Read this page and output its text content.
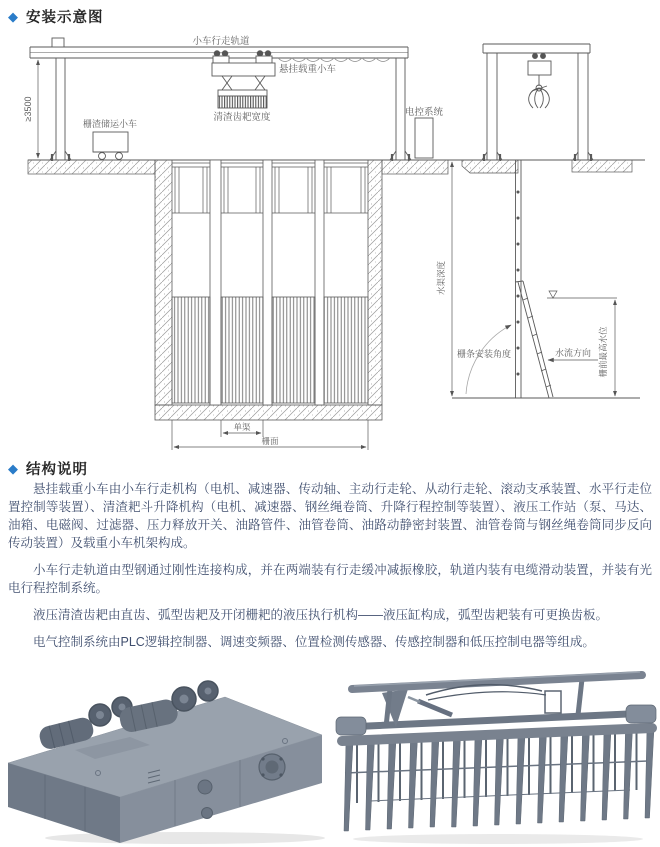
◆ 安装示意图
小车行走轨道
悬挂载重小车
清渣齿耙宽度
栅渣储运小车
电控系统
≥3500
单渠
栅面
水渠深度
栅条安装角度	水流方向 栅前最高水位
◆ 结构说明

悬挂载重小车由小车行走机构（电机、减速器、传动轴、主动行走轮、从动行走轮、滚动支承装置、水平行走位置控制等装置）、清渣耙斗升降机构（电机、减速器、钢丝绳卷筒、升降行程控制等装置）、液压工作站（泵、马达、油箱、电磁阀、过滤器、压力释放开关、油路管件、油管卷筒、油路动静密封装置、油管卷筒与钢丝绳卷筒同步反向传动装置）及载重小车机架构成。

小车行走轨道由型钢通过刚性连接构成，并在两端装有行走缓冲减振橡胶，轨道内装有电缆滑动装置，并装有光电行程控制系统。

液压清渣齿耙由直齿、弧型齿耙及开闭栅耙的液压执行机构——液压缸构成，弧型齿耙装有可更换齿板。

电气控制系统由PLC逻辑控制器、调速变频器、位置检测传感器、传感控制器和低压控制电器等组成。
